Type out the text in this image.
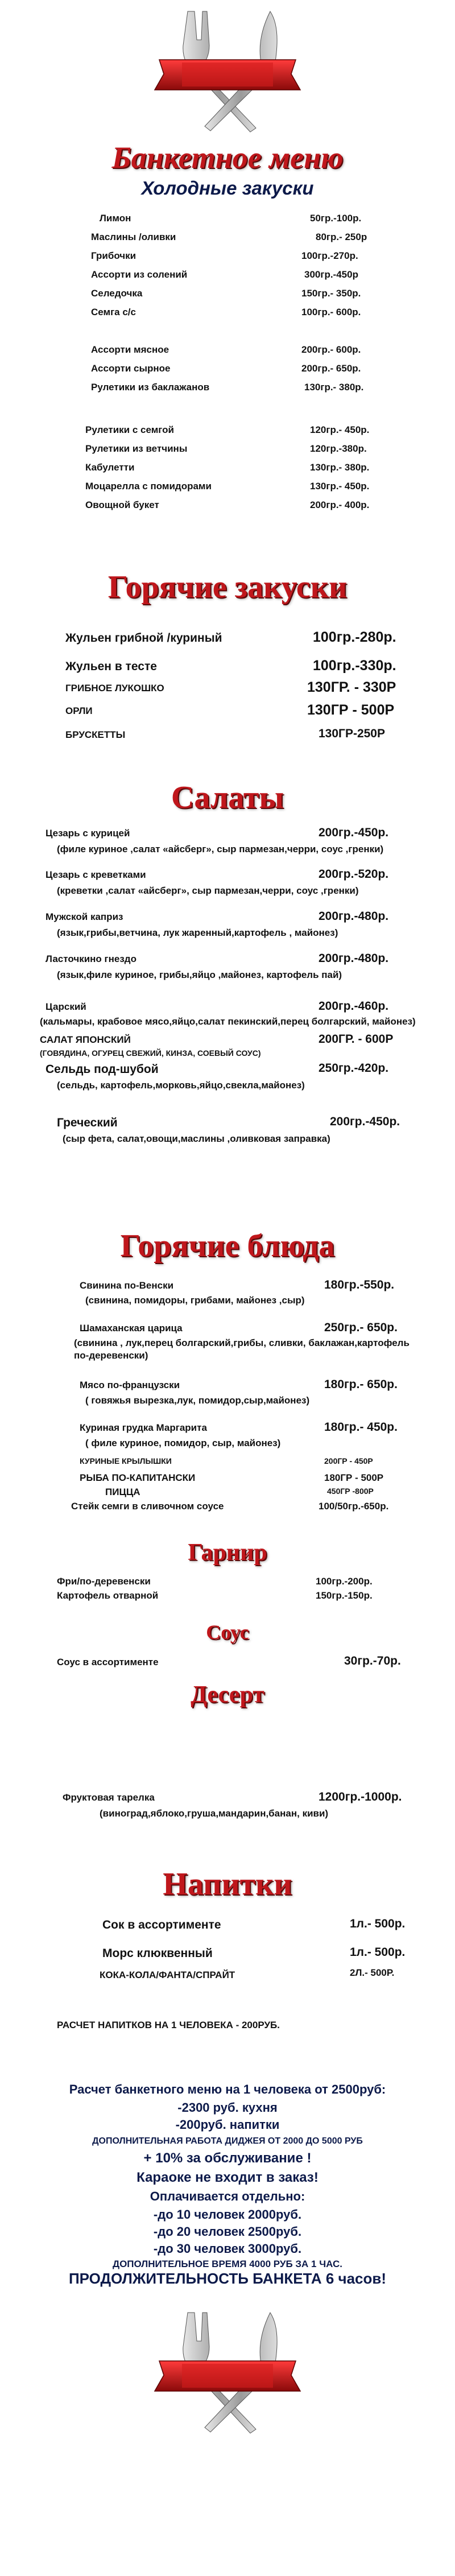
Банкетное меню
Холодные закуски
Лимон	50гр.-100р.
Маслины /оливки	80гр.- 250р
Грибочки	100гр.-270р.
Ассорти из солений	300гр.-450р
Селедочка	150гр.- 350р.
Семга с/с	100гр.- 600р.
Ассорти мясное	200гр.- 600р.
Ассорти сырное	200гр.- 650р.
Рулетики из баклажанов	130гр.- 380р.
Рулетики с семгой	120гр.- 450р.
Рулетики из ветчины	120гр.-380р.
Кабулетти	130гр.- 380р.
Моцарелла с помидорами	130гр.- 450р.
Овощной букет	200гр.- 400р.
Горячие закуски
Жульен грибной /куриный	100гр.-280р.
Жульен в тесте	100гр.-330р.
ГРИБНОЕ ЛУКОШКО	130ГР. - 330Р
ОРЛИ	130ГР - 500Р
БРУСКЕТТЫ	130ГР-250Р
Салаты
Цезарь с курицей	200гр.-450р.
(филе куриное ,салат «айсберг», сыр пармезан,черри, соус ,гренки)
Цезарь с креветками	200гр.-520р.
(креветки ,салат «айсберг», сыр пармезан,черри, соус ,гренки)
Мужской каприз	200гр.-480р.
(язык,грибы,ветчина, лук жаренный,картофель , майонез)
Ласточкино гнездо	200гр.-480р.
(язык,филе куриное, грибы,яйцо ,майонез, картофель пай)
Царский	200гр.-460р.
(кальмары, крабовое мясо,яйцо,салат пекинский,перец болгарский, майонез)
САЛАТ ЯПОНСКИЙ	200ГР. - 600Р
(ГОВЯДИНА, ОГУРЕЦ СВЕЖИЙ, КИНЗА, СОЕВЫЙ СОУС)
Сельдь под-шубой	250гр.-420р.
(сельдь, картофель,морковь,яйцо,свекла,майонез)
Греческий	200гр.-450р.
(сыр фета, салат,овощи,маслины ,оливковая заправка)
Горячие блюда
Свинина по-Венски	180гр.-550р.
(свинина, помидоры, грибами, майонез ,сыр)
Шамаханская царица	250гр.- 650р.
(свинина , лук,перец болгарский,грибы, сливки, баклажан,картофель по-деревенски)
Мясо по-французски	180гр.- 650р.
( говяжья вырезка,лук, помидор,сыр,майонез)
Куриная грудка Маргарита	180гр.- 450р.
( филе куриное, помидор, сыр, майонез)
КУРИНЫЕ КРЫЛЫШКИ	200ГР - 450Р
РЫБА ПО-КАПИТАНСКИ	180ГР - 500Р
ПИЦЦА	450ГР -800Р
Стейк семги в сливочном соусе	100/50гр.-650р.
Гарнир
Фри/по-деревенски	100гр.-200р.
Картофель отварной	150гр.-150р.
Соус
Соус в ассортименте	30гр.-70р.
Десерт
Фруктовая тарелка	1200гр.-1000р.
(виноград,яблоко,груша,мандарин,банан, киви)
Напитки
Сок в ассортименте	1л.- 500р.
Морс клюквенный	1л.- 500р.
КОКА-КОЛА/ФАНТА/СПРАЙТ	2Л.- 500Р.
РАСЧЕТ НАПИТКОВ НА 1 ЧЕЛОВЕКА - 200РУБ.
Расчет банкетного меню на 1 человека от 2500руб:
-2300 руб. кухня
-200руб. напитки
ДОПОЛНИТЕЛЬНАЯ РАБОТА ДИДЖЕЯ ОТ 2000 ДО 5000 РУБ
+ 10% за обслуживание !
Караоке не входит в заказ!
Оплачивается отдельно:
-до 10 человек 2000руб.
-до 20 человек 2500руб.
-до 30 человек 3000руб.
ДОПОЛНИТЕЛЬНОЕ ВРЕМЯ 4000 РУБ ЗА 1 ЧАС.
ПРОДОЛЖИТЕЛЬНОСТЬ БАНКЕТА 6 часов!
